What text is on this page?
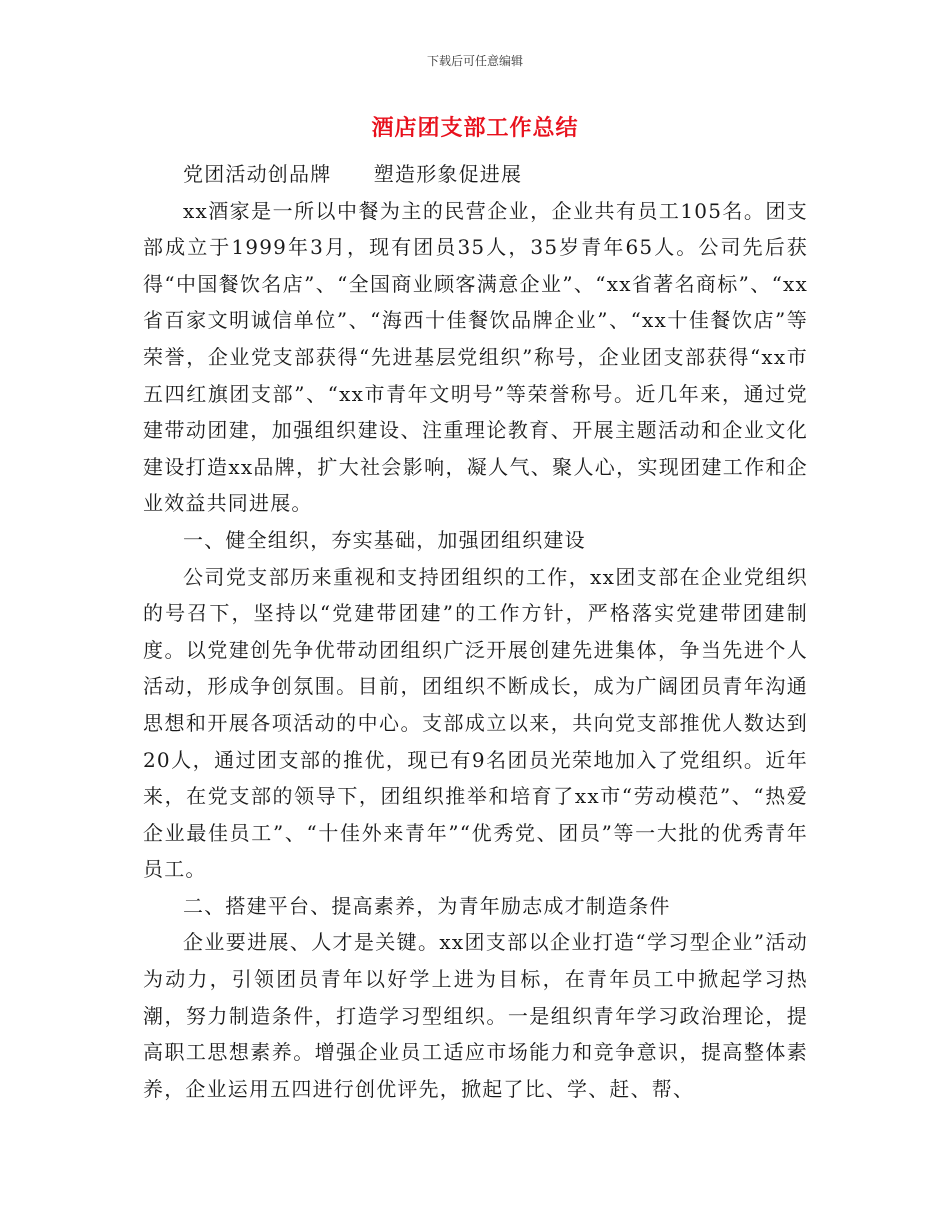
下载后可任意编辑
酒店团支部工作总结

党团活动创品牌　　塑造形象促进展

xx酒家是一所以中餐为主的民营企业，企业共有员工105名。团支部成立于1999年3月，现有团员35人，35岁青年65人。公司先后获得“中国餐饮名店”、“全国商业顾客满意企业”、“xx省著名商标”、“xx省百家文明诚信单位”、“海西十佳餐饮品牌企业”、“xx十佳餐饮店”等荣誉，企业党支部获得“先进基层党组织”称号，企业团支部获得“xx市五四红旗团支部”、“xx市青年文明号”等荣誉称号。近几年来，通过党建带动团建，加强组织建设、注重理论教育、开展主题活动和企业文化建设打造xx品牌，扩大社会影响，凝人气、聚人心，实现团建工作和企业效益共同进展。

一、健全组织，夯实基础，加强团组织建设

公司党支部历来重视和支持团组织的工作，xx团支部在企业党组织的号召下，坚持以“党建带团建”的工作方针，严格落实党建带团建制度。以党建创先争优带动团组织广泛开展创建先进集体，争当先进个人活动，形成争创氛围。目前，团组织不断成长，成为广阔团员青年沟通思想和开展各项活动的中心。支部成立以来，共向党支部推优人数达到20人，通过团支部的推优，现已有9名团员光荣地加入了党组织。近年来，在党支部的领导下，团组织推举和培育了xx市“劳动模范”、“热爱企业最佳员工”、“十佳外来青年”“优秀党、团员”等一大批的优秀青年员工。

二、搭建平台、提高素养，为青年励志成才制造条件

企业要进展、人才是关键。xx团支部以企业打造“学习型企业”活动为动力，引领团员青年以好学上进为目标，在青年员工中掀起学习热潮，努力制造条件，打造学习型组织。一是组织青年学习政治理论，提高职工思想素养。增强企业员工适应市场能力和竞争意识，提高整体素养，企业运用五四进行创优评先，掀起了比、学、赶、帮、
